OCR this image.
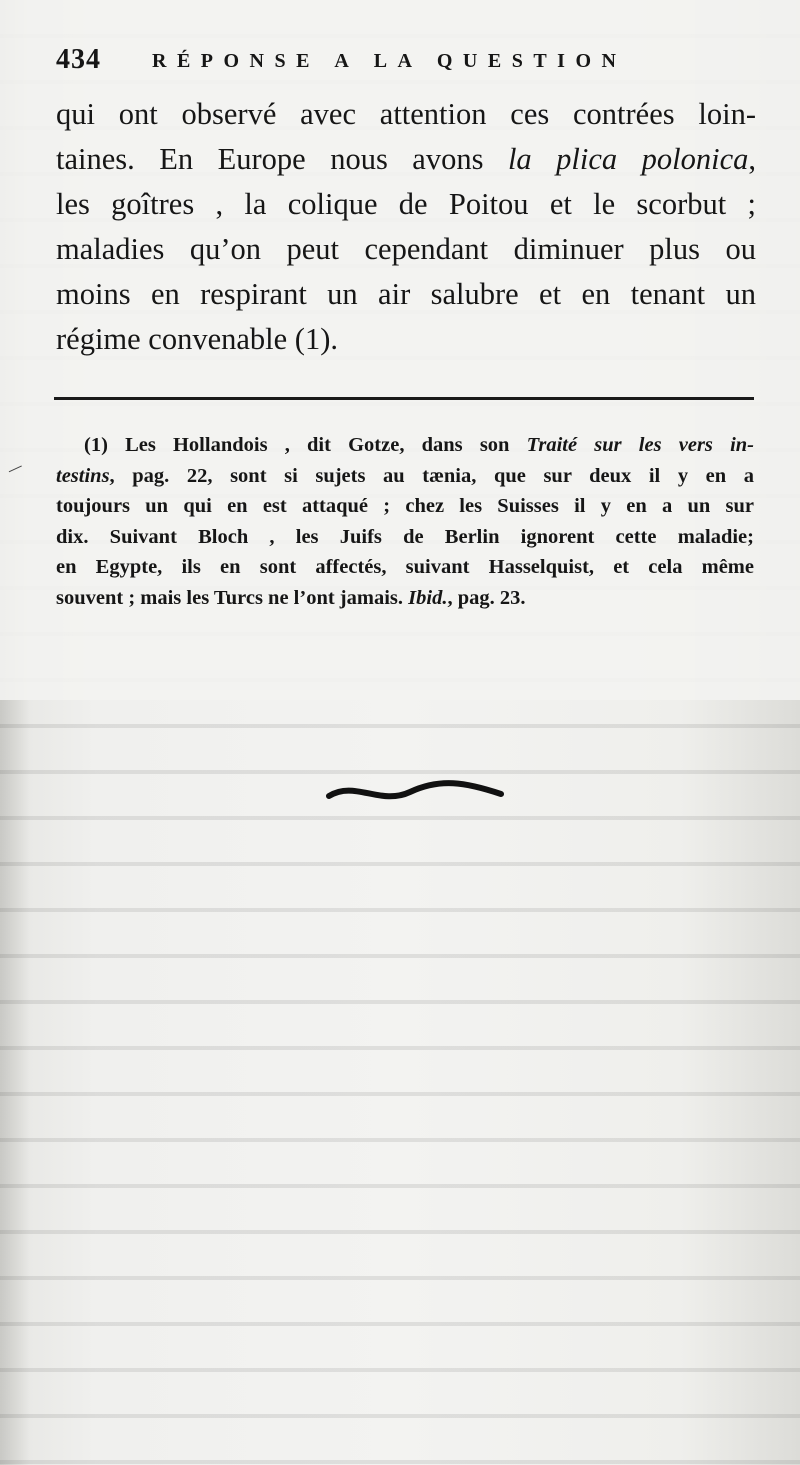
434	RÉPONSE A LA QUESTION
qui ont observé avec attention ces contrées loin-
taines. En Europe nous avons la plica polonica,
les goîtres , la colique de Poitou et le scorbut ;
maladies qu’on peut cependant diminuer plus ou
moins en respirant un air salubre et en tenant un
régime convenable (1).
(1) Les Hollandois , dit Gotze, dans son Traité sur les vers in-
testins, pag. 22, sont si sujets au tænia, que sur deux il y en a
toujours un qui en est attaqué ; chez les Suisses il y en a un sur
dix. Suivant Bloch , les Juifs de Berlin ignorent cette maladie;
en Egypte, ils en sont affectés, suivant Hasselquist, et cela même
souvent ; mais les Turcs ne l’ont jamais. Ibid., pag. 23.
